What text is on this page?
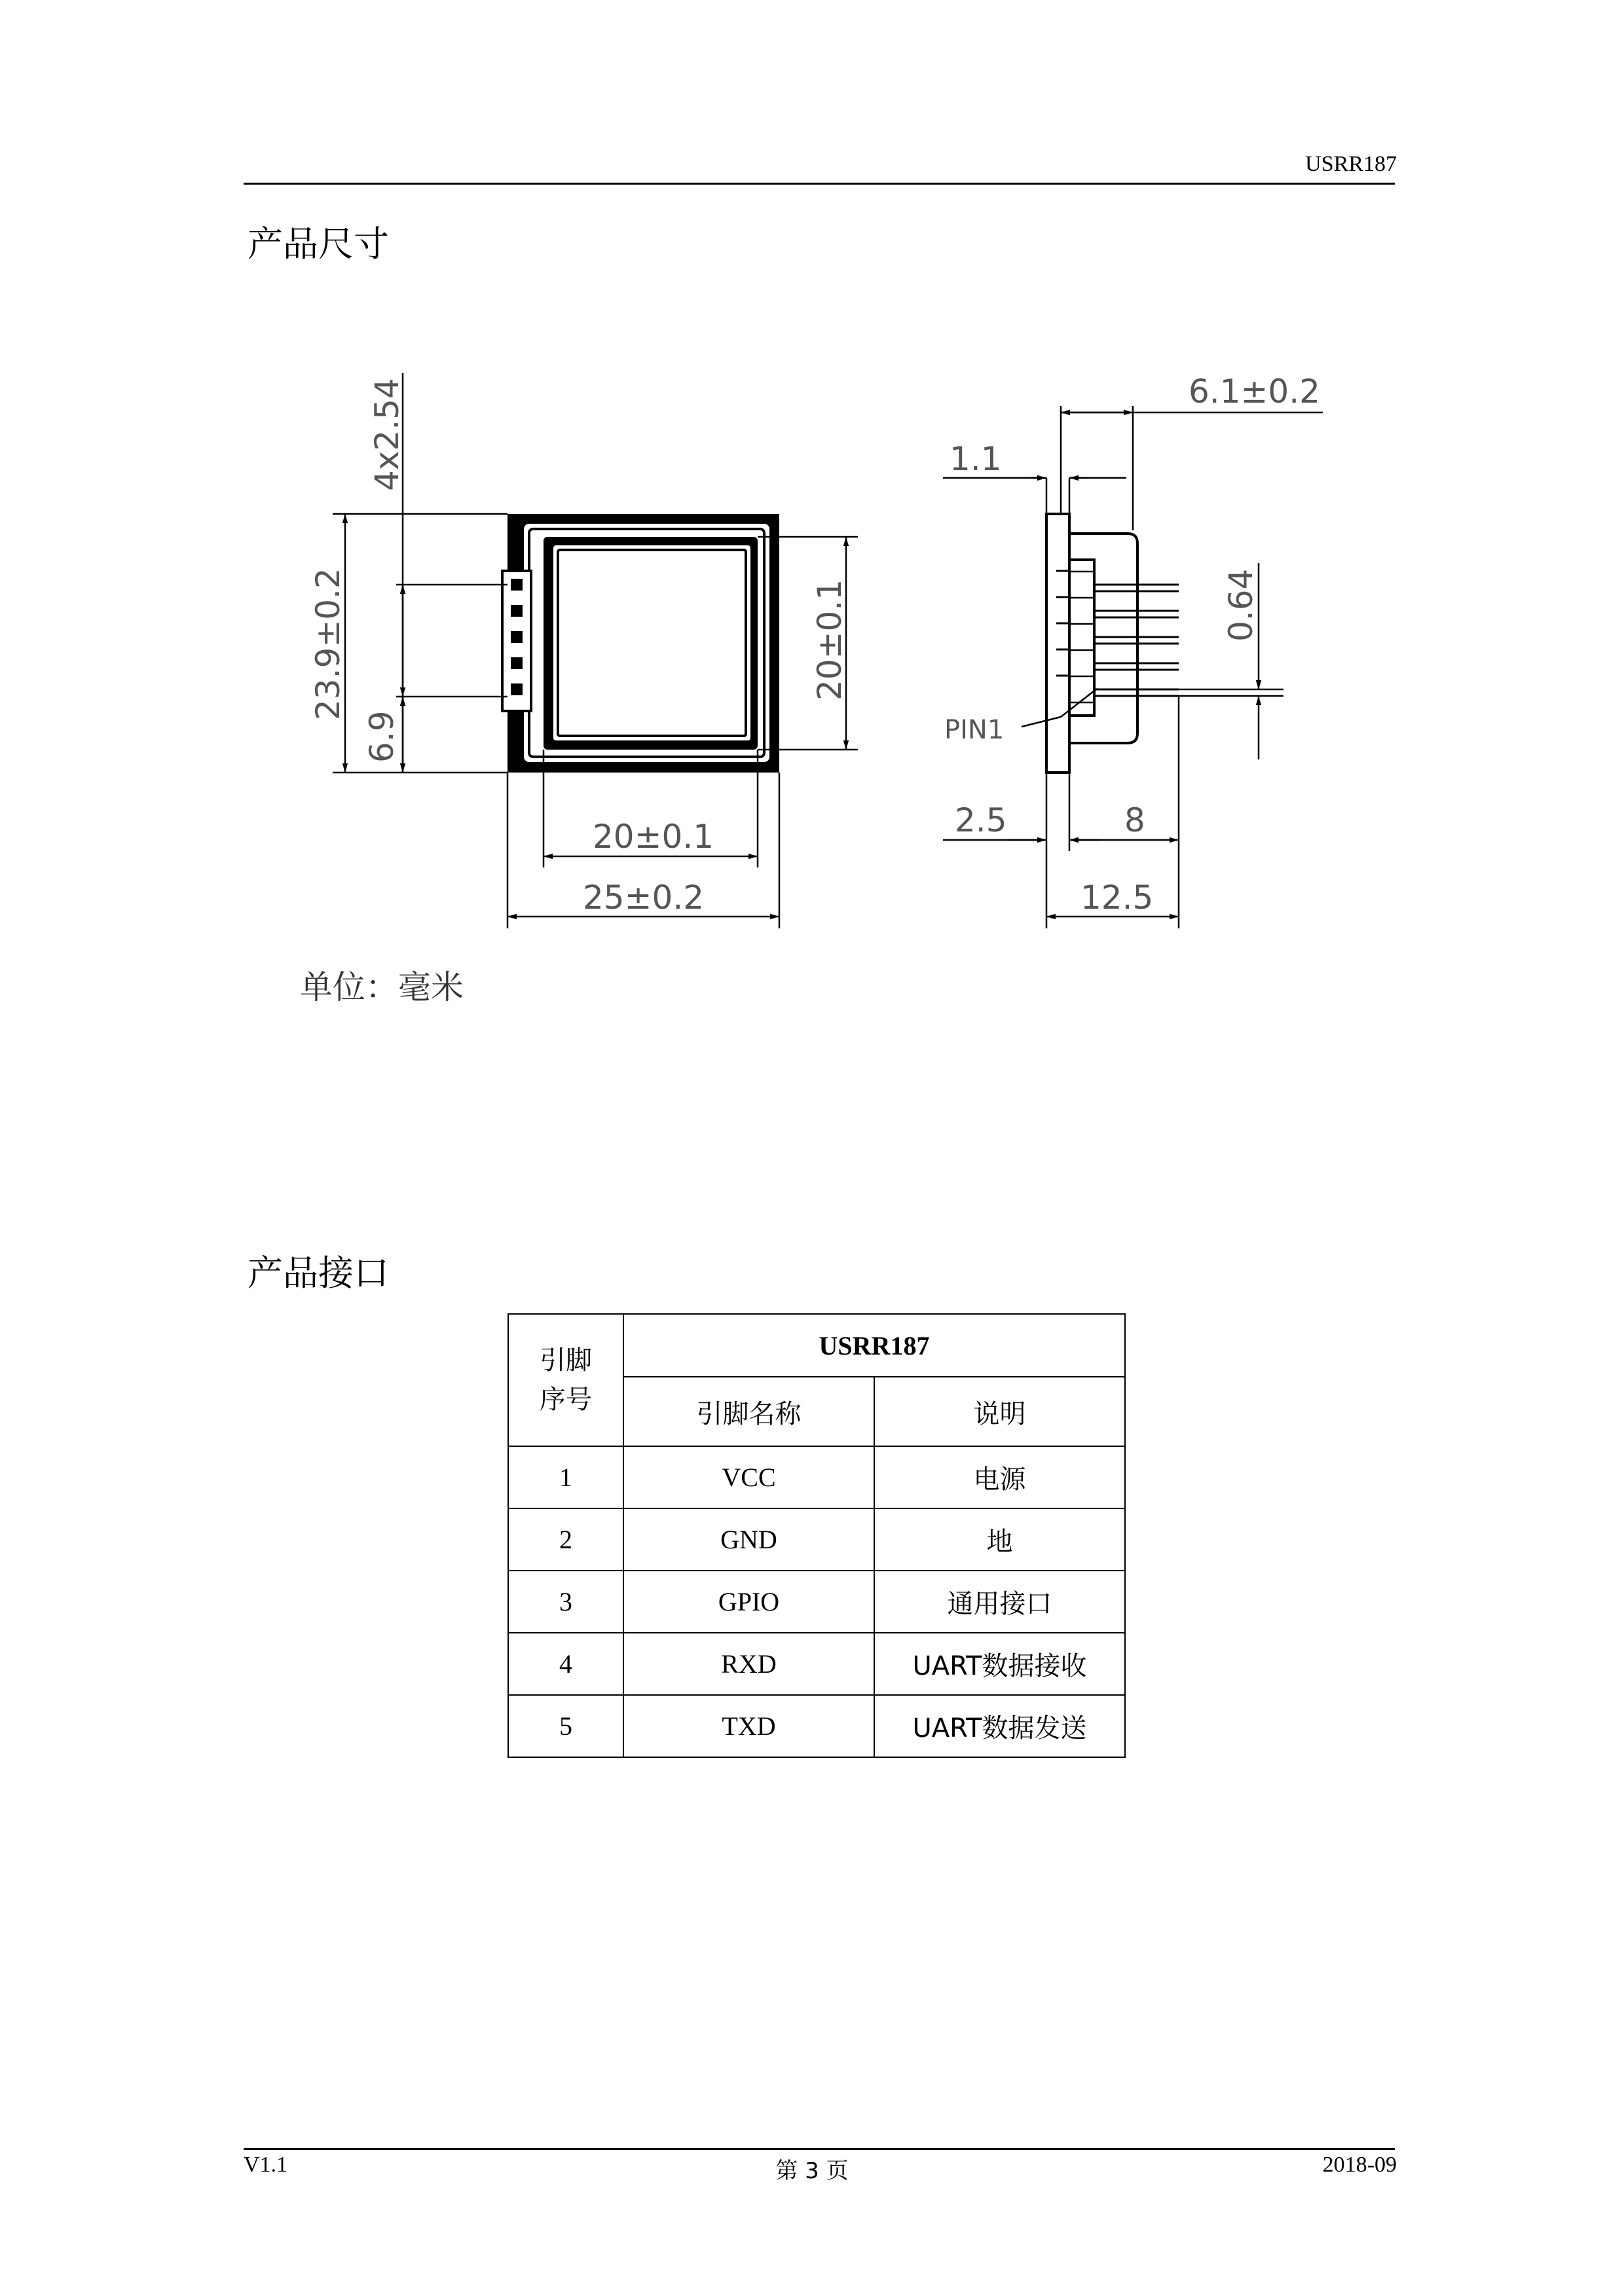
USRR187
产品尺寸
4x2.54
23.9±0.2
6.9
20±0.1
20±0.1
25±0.2
6.1±0.2
1.1
0.64
PIN1
2.5	8
12.5
单位：毫米
产品接口
引脚
序号	USRR187	
	引脚名称	说明
1	VCC	电源
2	GND	地
3	GPIO	通用接口
4	RXD	UART数据接收
5	TXD	UART数据发送
V1.1	第 3 页	2018-09
